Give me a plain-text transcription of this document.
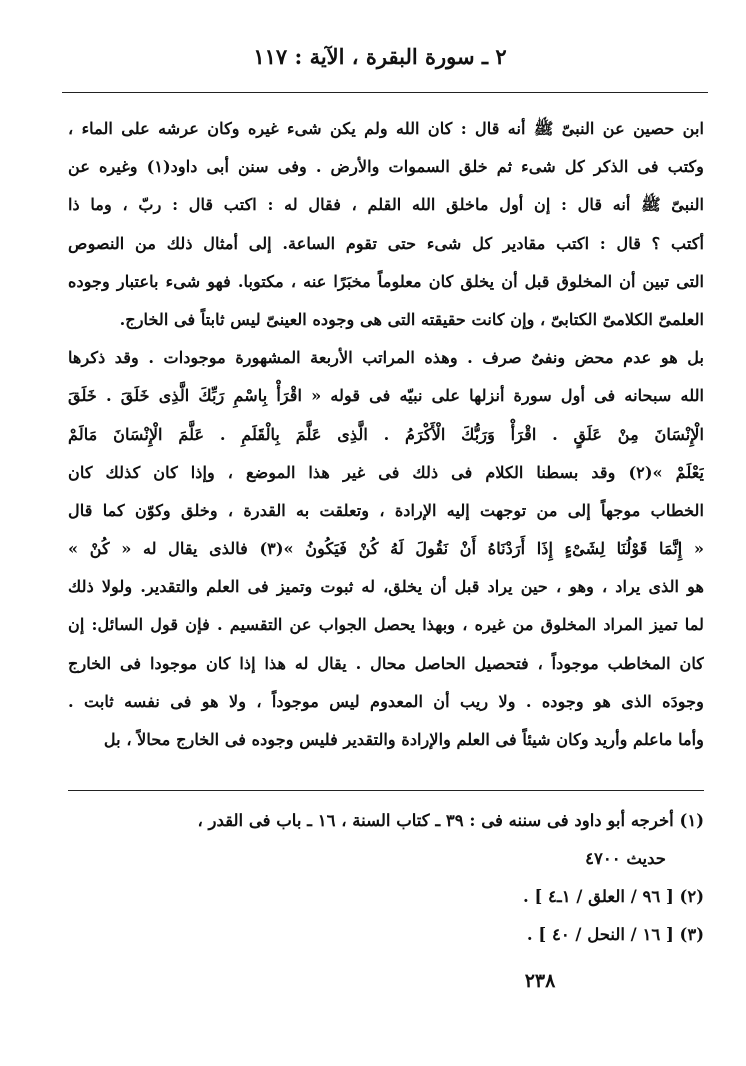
٢ ـ سورة البقرة ، الآية : ١١٧
ابن حصين عن النبىّ ﷺ أنه قال : كان الله ولم يكن شىء غيره وكان عرشه على الماء ،
وكتب فى الذكر كل شىء ثم خلق السموات والأرض . وفى سنن أبى داود(١) وغيره عن
النبىّ ﷺ أنه قال : إن أول ماخلق الله القلم ، فقال له : اكتب قال : ربّ ، وما ذا
أكتب ؟ قال : اكتب مقادير كل شىء حتى تقوم الساعة. إلى أمثال ذلك من النصوص
التى تبين أن المخلوق قبل أن يخلق كان معلوماً مخبَرًا عنه ، مكتوبا. فهو شىء باعتبار وجوده
العلمىّ الكلامىّ الكتابىّ ، وإن كانت حقيقته التى هى وجوده العينىّ ليس ثابتاً فى الخارج.
بل هو عدم محض ونفىٌ صرف . وهذه المراتب الأربعة المشهورة موجودات . وقد ذكرها
الله سبحانه فى أول سورة أنزلها على نبيّه فى قوله « اقْرَأْ بِاسْمِ رَبِّكَ الَّذِى خَلَقَ . خَلَقَ
الْإِنْسَانَ مِنْ عَلَقٍ . اقْرَأْ وَرَبُّكَ الْأَكْرَمُ . الَّذِى عَلَّمَ بِالْقَلَمِ . عَلَّمَ الْإِنْسَانَ مَالَمْ
يَعْلَمْ »(٢) وقد بسطنا الكلام فى ذلك فى غير هذا الموضع ، وإذا كان كذلك كان
الخطاب موجهاً إلى من توجهت إليه الإرادة ، وتعلقت به القدرة ، وخلق وكوّن كما قال
« إِنَّمَا قَوْلُنَا لِشَىْءٍ إِذَا أَرَدْنَاهُ أَنْ نَقُولَ لَهُ كُنْ فَيَكُونُ »(٣) فالذى يقال له « كُنْ »
هو الذى يراد ، وهو ، حين يراد قبل أن يخلق، له ثبوت وتميز فى العلم والتقدير. ولولا ذلك
لما تميز المراد المخلوق من غيره ، وبهذا يحصل الجواب عن التقسيم . فإن قول السائل: إن
كان المخاطب موجوداً ، فتحصيل الحاصل محال . يقال له هذا إذا كان موجودا فى الخارج
وجودَه الذى هو وجوده . ولا ريب أن المعدوم ليس موجوداً ، ولا هو فى نفسه ثابت .
وأما ماعلم وأريد وكان شيئاً فى العلم والإرادة والتقدير فليس وجوده فى الخارج محالاً ، بل
(١) أخرجه أبو داود فى سننه فى : ٣٩ ـ كتاب السنة ، ١٦ ـ باب فى القدر ،
حديث ٤٧٠٠
(٢) [ ٩٦ / العلق / ١ـ٤ ] .
(٣) [ ١٦ / النحل / ٤٠ ] .
٢٣٨
